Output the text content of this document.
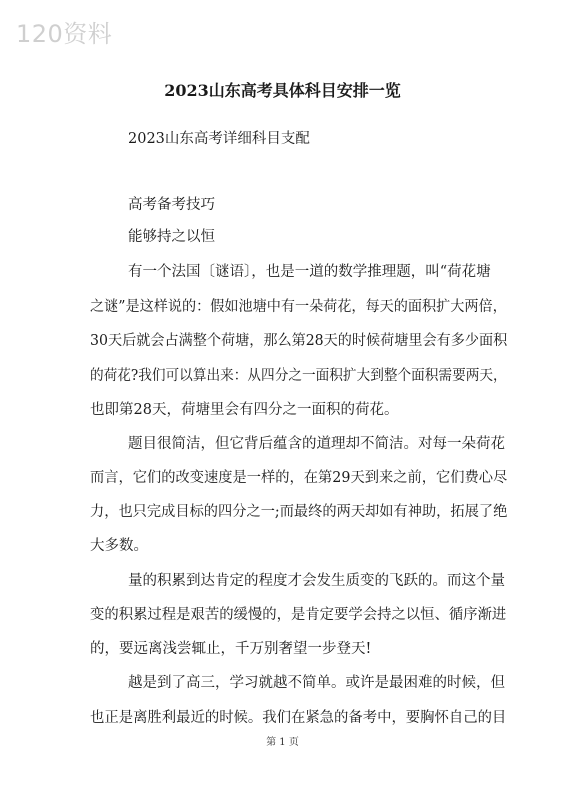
120资料
2023山东高考具体科目安排一览
2023山东高考详细科目支配
高考备考技巧
能够持之以恒
有一个法国〔谜语〕，也是一道的数学推理题，叫“荷花塘
之谜”是这样说的：假如池塘中有一朵荷花，每天的面积扩大两倍，
30天后就会占满整个荷塘，那么第28天的时候荷塘里会有多少面积
的荷花?我们可以算出来：从四分之一面积扩大到整个面积需要两天，
也即第28天，荷塘里会有四分之一面积的荷花。
题目很简洁，但它背后蕴含的道理却不简洁。对每一朵荷花
而言，它们的改变速度是一样的，在第29天到来之前，它们费心尽
力，也只完成目标的四分之一;而最终的两天却如有神助，拓展了绝
大多数。
量的积累到达肯定的程度才会发生质变的飞跃的。而这个量
变的积累过程是艰苦的缓慢的，是肯定要学会持之以恒、循序渐进
的，要远离浅尝辄止，千万别奢望一步登天!
越是到了高三，学习就越不简单。或许是最困难的时候，但
也正是离胜利最近的时候。我们在紧急的备考中，要胸怀自己的目
第 1 页
